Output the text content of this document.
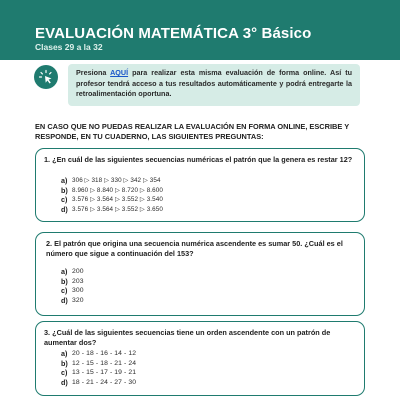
EVALUACIÓN MATEMÁTICA 3° Básico
Clases 29 a la 32
Presiona AQUÍ para realizar esta misma evaluación de forma online. Así tu profesor tendrá acceso a tus resultados automáticamente y podrá entregarte la retroalimentación oportuna.
EN CASO QUE NO PUEDAS REALIZAR LA EVALUACIÓN EN FORMA ONLINE, ESCRIBE Y RESPONDE, EN TU CUADERNO, LAS SIGUIENTES PREGUNTAS:
1. ¿En cuál de las siguientes secuencias numéricas el patrón que la genera es restar 12?
a) 306 ▷ 318 ▷ 330 ▷ 342 ▷ 354
b) 8.960 ▷ 8.840 ▷ 8.720 ▷ 8.600
c) 3.576 ▷ 3.564 ▷ 3.552 ▷ 3.540
d) 3.576 ▷ 3.564 ▷ 3.552 ▷ 3.650
2. El patrón que origina una secuencia numérica ascendente es sumar 50. ¿Cuál es el número que sigue a continuación del 153?
a) 200
b) 203
c) 300
d) 320
3. ¿Cuál de las siguientes secuencias tiene un orden ascendente con un patrón de aumentar dos?
a) 20 - 18 - 16 - 14 - 12
b) 12 - 15 - 18 - 21 - 24
c) 13 - 15 - 17 - 19 - 21
d) 18 - 21 - 24 - 27 - 30
